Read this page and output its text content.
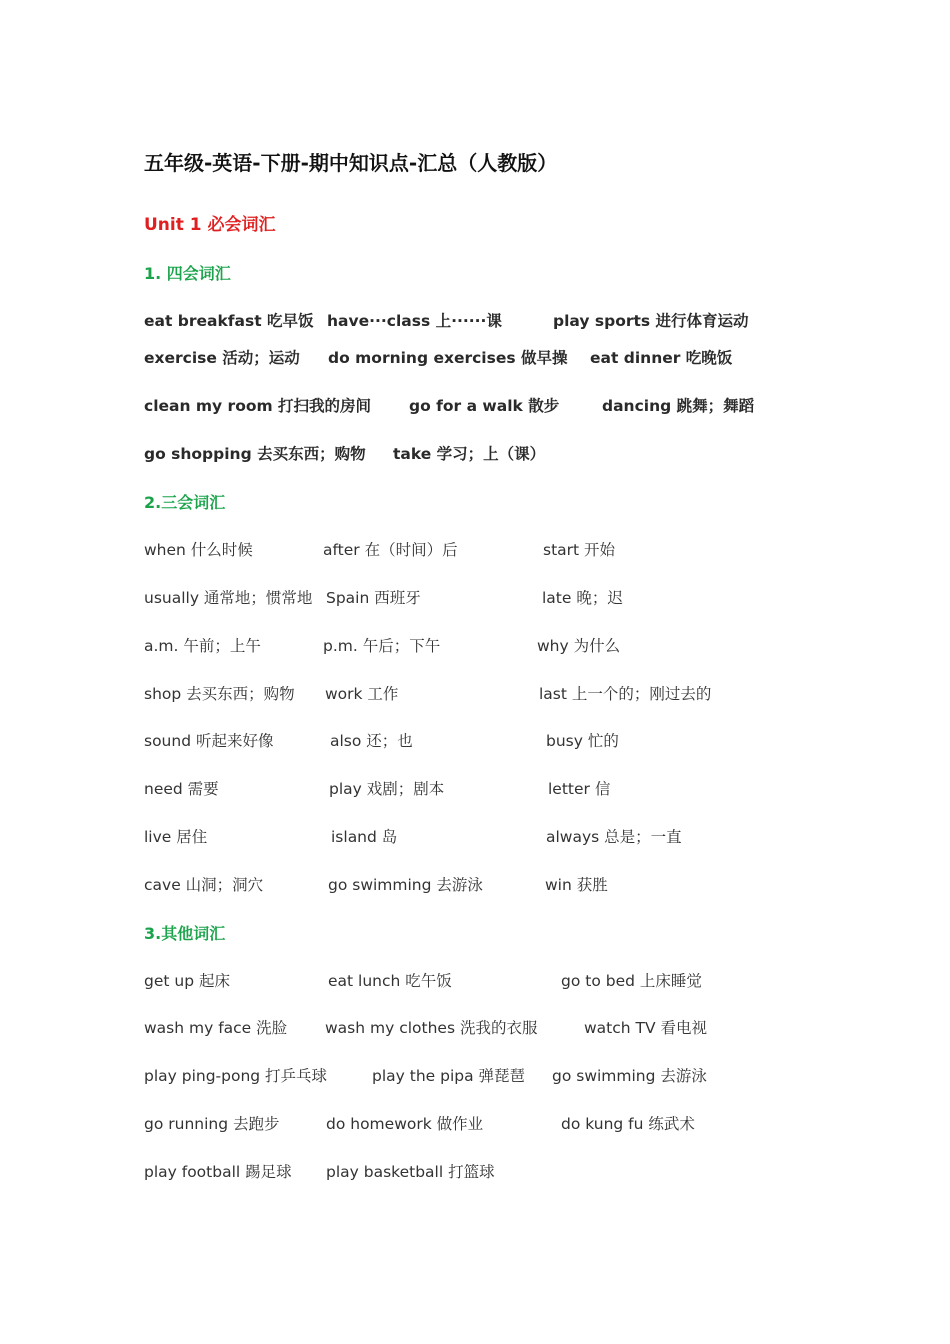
五年级-英语-下册-期中知识点-汇总（人教版）
Unit 1 必会词汇
1. 四会词汇
eat breakfast 吃早饭 have···class 上······课	play sports 进行体育运动
exercise 活动；运动 do morning exercises 做早操 eat dinner 吃晚饭
clean my room 打扫我的房间 go for a walk 散步	dancing 跳舞；舞蹈
go shopping 去买东西；购物 take 学习；上（课）
2.三会词汇
when 什么时候	after 在（时间）后	start 开始
usually 通常地；惯常地 Spain 西班牙	late 晚；迟
a.m. 午前；上午	p.m. 午后；下午	why 为什么
shop 去买东西；购物 work 工作	last 上一个的；刚过去的
sound 听起来好像	also 还；也	busy 忙的
need 需要	play 戏剧；剧本	letter 信
live 居住	island 岛	always 总是；一直
cave 山洞；洞穴	go swimming 去游泳	win 获胜
3.其他词汇
get up 起床	eat lunch 吃午饭	go to bed 上床睡觉
wash my face 洗脸 wash my clothes 洗我的衣服	watch TV 看电视
play ping-pong 打乒乓球	play the pipa 弹琵琶 go swimming 去游泳
go running 去跑步	do homework 做作业	do kung fu 练武术
play football 踢足球 play basketball 打篮球
